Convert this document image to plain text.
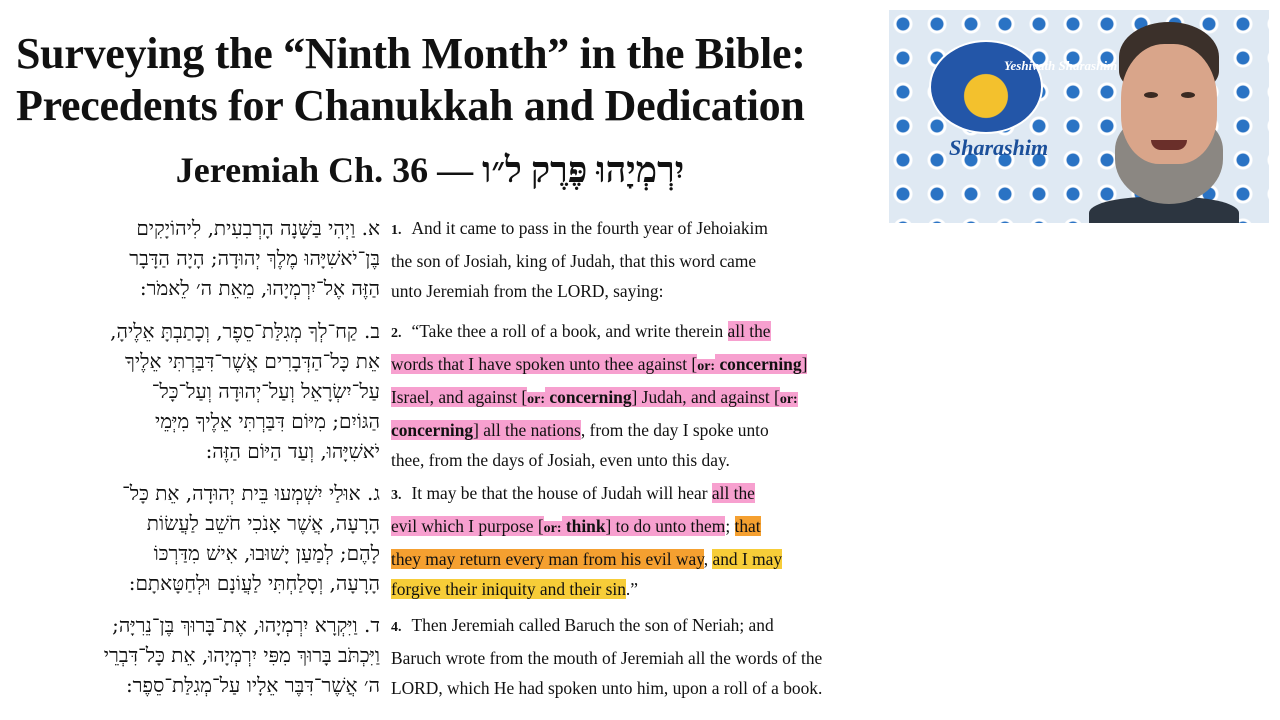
Surveying the “Ninth Month” in the Bible:
Precedents for Chanukkah and Dedication
Jeremiah Ch. 36 — יִרְמְיָהוּ פֶּרֶק ל״ו
Yeshivath Sharashim
Sharashim
א. וַיְהִי בַּשָּׁנָה הָרְבִעִית, לִיהוֹיָקִים
בֶּן־יֹאשִׁיָּהוּ מֶלֶךְ יְהוּדָה; הָיָה הַדָּבָר
הַזֶּה אֶל־יִרְמְיָהוּ, מֵאֵת ה׳ לֵאמֹר:
1. And it came to pass in the fourth year of Jehoiakim
the son of Josiah, king of Judah, that this word came
unto Jeremiah from the LORD, saying:
ב. קַח־לְךָ מְגִלַּת־סֵפֶר, וְכָתַבְתָּ אֵלֶיהָ,
אֵת כָּל־הַדְּבָרִים אֲשֶׁר־דִּבַּרְתִּי אֵלֶיךָ
עַל־יִשְׂרָאֵל וְעַל־יְהוּדָה וְעַל־כָּל־
הַגּוֹיִם; מִיּוֹם דִּבַּרְתִּי אֵלֶיךָ מִיְּמֵי
יֹאשִׁיָּהוּ, וְעַד הַיּוֹם הַזֶּה:
2. “Take thee a roll of a book, and write therein all the
words that I have spoken unto thee against [or: concerning]
Israel, and against [or: concerning] Judah, and against [or:
concerning] all the nations, from the day I spoke unto
thee, from the days of Josiah, even unto this day.
ג. אוּלַי יִשְׁמְעוּ בֵּית יְהוּדָה, אֵת כָּל־
הָרָעָה, אֲשֶׁר אָנֹכִי חֹשֵׁב לַעֲשׂוֹת
לָהֶם; לְמַעַן יָשׁוּבוּ, אִישׁ מִדַּרְכּוֹ
הָרָעָה, וְסָלַחְתִּי לַעֲוֹנָם וּלְחַטָּאתָם:
3. It may be that the house of Judah will hear all the
evil which I purpose [or: think] to do unto them; that
they may return every man from his evil way, and I may
forgive their iniquity and their sin.”
ד. וַיִּקְרָא יִרְמְיָהוּ, אֶת־בָּרוּךְ בֶּן־נֵרִיָּה;
וַיִּכְתֹּב בָּרוּךְ מִפִּי יִרְמְיָהוּ, אֵת כָּל־דִּבְרֵי
ה׳ אֲשֶׁר־דִּבֶּר אֵלָיו עַל־מְגִלַּת־סֵפֶר:
4. Then Jeremiah called Baruch the son of Neriah; and
Baruch wrote from the mouth of Jeremiah all the words of the
LORD, which He had spoken unto him, upon a roll of a book.
